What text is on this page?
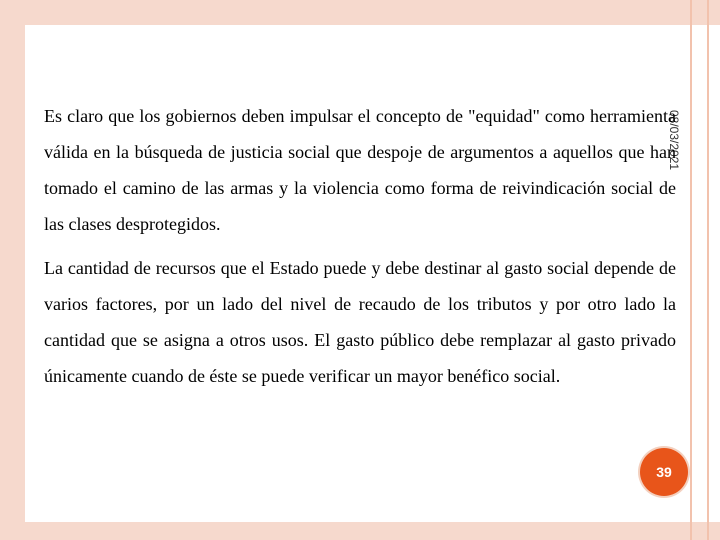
08/03/2021

Es claro que los gobiernos deben impulsar el concepto de "equidad" como herramienta válida en la búsqueda de justicia social que despoje de argumentos a aquellos que han tomado el camino de las armas y la violencia como forma de reivindicación social de las clases desprotegidos.

La cantidad de recursos que el Estado puede y debe destinar al gasto social depende de varios factores, por un lado del nivel de recaudo de los tributos y por otro lado la cantidad que se asigna a otros usos. El gasto público debe remplazar al gasto privado únicamente cuando de éste se puede verificar un mayor benéfico social.

39
